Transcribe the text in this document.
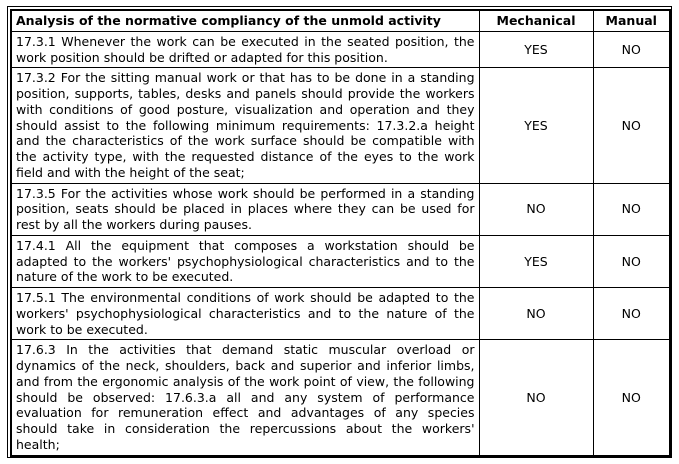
Analysis of the normative compliancy of the unmold activity	Mechanical	Manual
17.3.1 Whenever the work can be executed in the seated position, the work position should be drifted or adapted for this position.	YES	NO
17.3.2 For the sitting manual work or that has to be done in a standing position, supports, tables, desks and panels should provide the workers with conditions of good posture, visualization and operation and they should assist to the following minimum requirements: 17.3.2.a height and the characteristics of the work surface should be compatible with the activity type, with the requested distance of the eyes to the work field and with the height of the seat;	YES	NO
17.3.5 For the activities whose work should be performed in a standing position, seats should be placed in places where they can be used for rest by all the workers during pauses.	NO	NO
17.4.1 All the equipment that composes a workstation should be adapted to the workers' psychophysiological characteristics and to the nature of the work to be executed.	YES	NO
17.5.1 The environmental conditions of work should be adapted to the workers' psychophysiological characteristics and to the nature of the work to be executed.	NO	NO
17.6.3 In the activities that demand static muscular overload or dynamics of the neck, shoulders, back and superior and inferior limbs, and from the ergonomic analysis of the work point of view, the following should be observed: 17.6.3.a all and any system of performance evaluation for remuneration effect and advantages of any species should take in consideration the repercussions about the workers' health;	NO	NO
